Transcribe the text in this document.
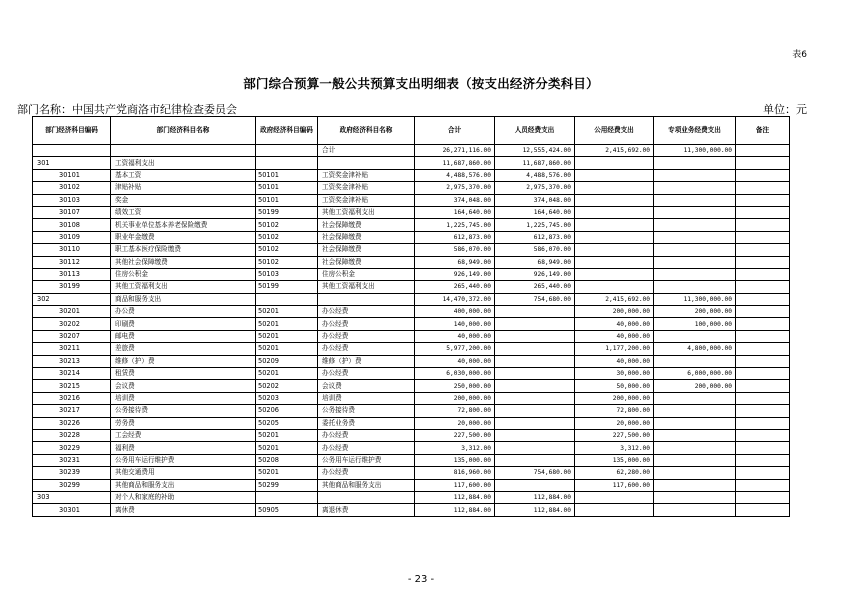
表6
部门综合预算一般公共预算支出明细表（按支出经济分类科目）
部门名称：中国共产党商洛市纪律检查委员会	单位：元
部门经济科目编码	部门经济科目名称	政府经济科目编码	政府经济科目名称	合计	人员经费支出	公用经费支出	专项业务经费支出	备注
			合计	26,271,116.00	12,555,424.00	2,415,692.00	11,300,000.00	
301	工资福利支出			11,687,860.00	11,687,860.00			
30101	基本工资	50101	工资奖金津补贴	4,488,576.00	4,488,576.00			
30102	津贴补贴	50101	工资奖金津补贴	2,975,370.00	2,975,370.00			
30103	奖金	50101	工资奖金津补贴	374,048.00	374,048.00			
30107	绩效工资	50199	其他工资福利支出	164,640.00	164,640.00			
30108	机关事业单位基本养老保险缴费	50102	社会保障缴费	1,225,745.00	1,225,745.00			
30109	职业年金缴费	50102	社会保障缴费	612,873.00	612,873.00			
30110	职工基本医疗保险缴费	50102	社会保障缴费	586,070.00	586,070.00			
30112	其他社会保障缴费	50102	社会保障缴费	68,949.00	68,949.00			
30113	住房公积金	50103	住房公积金	926,149.00	926,149.00			
30199	其他工资福利支出	50199	其他工资福利支出	265,440.00	265,440.00			
302	商品和服务支出			14,470,372.00	754,680.00	2,415,692.00	11,300,000.00	
30201	办公费	50201	办公经费	400,000.00		200,000.00	200,000.00	
30202	印刷费	50201	办公经费	140,000.00		40,000.00	100,000.00	
30207	邮电费	50201	办公经费	40,000.00		40,000.00		
30211	差旅费	50201	办公经费	5,977,200.00		1,177,200.00	4,800,000.00	
30213	维修（护）费	50209	维修（护）费	40,000.00		40,000.00		
30214	租赁费	50201	办公经费	6,030,000.00		30,000.00	6,000,000.00	
30215	会议费	50202	会议费	250,000.00		50,000.00	200,000.00	
30216	培训费	50203	培训费	200,000.00		200,000.00		
30217	公务接待费	50206	公务接待费	72,800.00		72,800.00		
30226	劳务费	50205	委托业务费	20,000.00		20,000.00		
30228	工会经费	50201	办公经费	227,500.00		227,500.00		
30229	福利费	50201	办公经费	3,312.00		3,312.00		
30231	公务用车运行维护费	50208	公务用车运行维护费	135,000.00		135,000.00		
30239	其他交通费用	50201	办公经费	816,960.00	754,680.00	62,280.00		
30299	其他商品和服务支出	50299	其他商品和服务支出	117,600.00		117,600.00		
303	对个人和家庭的补助			112,884.00	112,884.00			
30301	离休费	50905	离退休费	112,884.00	112,884.00			
- 23 -
